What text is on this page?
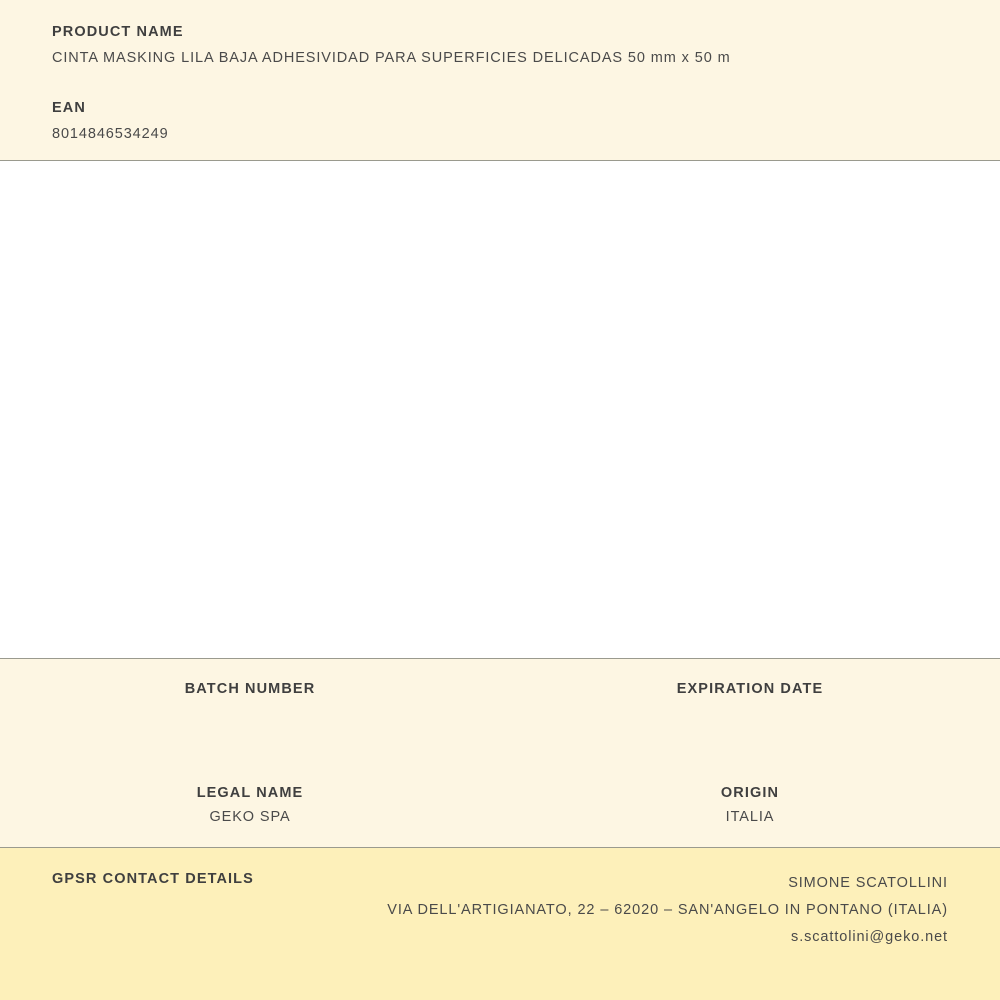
PRODUCT NAME
CINTA MASKING LILA BAJA ADHESIVIDAD PARA SUPERFICIES DELICADAS 50 mm x 50 m
EAN
8014846534249
BATCH NUMBER	EXPIRATION DATE
LEGAL NAME
GEKO SPA
ORIGIN
ITALIA
GPSR CONTACT DETAILS	SIMONE SCATOLLINI
VIA DELL'ARTIGIANATO, 22 – 62020 – SAN'ANGELO IN PONTANO (ITALIA)
s.scattolini@geko.net
